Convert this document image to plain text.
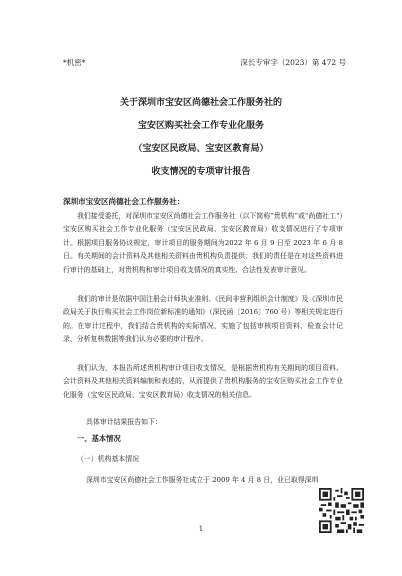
*机密*	深长专审字（2023）第 472 号
关于深圳市宝安区尚德社会工作服务社的
宝安区购买社会工作专业化服务
（宝安区民政局、宝安区教育局）
收支情况的专项审计报告
深圳市宝安区尚德社会工作服务社：
我们接受委托，对深圳市宝安区尚德社会工作服务社（以下简称“贵机构”或“尚德社工”）宝安区购买社会工作专业化服务（宝安区民政局、宝安区教育局）收支情况进行了专项审计。根据项目服务协议规定，审计项目的服务期间为2022 年 6 月 9 日至 2023 年 6 月 8 日。有关期间的会计资料及其他相关资料由贵机构负责提供；我们的责任是在对这些资料进行审计的基础上，对贵机构和审计项目收支情况的真实性、合法性发表审计意见。
我们的审计是依据中国注册会计师执业准则、《民间非营利组织会计制度》及《深圳市民政局关于执行购买社会工作岗位新标准的通知》（深民函〔2016〕760 号）等相关规定进行的。在审计过程中，我们结合贵机构的实际情况，实施了包括审核项目资料、检查会计记录、分析复核数据等我们认为必要的审计程序。
我们认为，本报告所述贵机构审计项目收支情况，是根据贵机构有关期间的项目资料、会计资料及其他相关资料编制和表述的，从而提供了贵机构服务的宝安区购买社会工作专业化服务（宝安区民政局、宝安区教育局）收支情况的相关信息。
具体审计结果报告如下：
一、基本情况
（一）机构基本情况
深圳市宝安区尚德社会工作服务社成立于 2009 年 4 月 8 日，业已取得深圳
1
